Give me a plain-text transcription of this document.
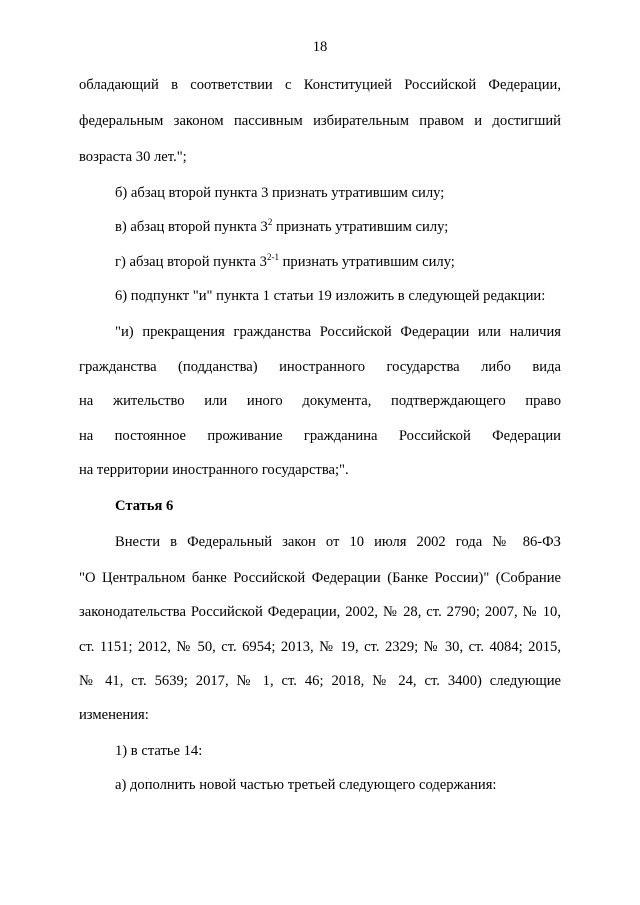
18
обладающий в соответствии с Конституцией Российской Федерации,
федеральным законом пассивным избирательным правом и достигший
возраста 30 лет.";
б) абзац второй пункта 3 признать утратившим силу;
в) абзац второй пункта $3^2$ признать утратившим силу;
г) абзац второй пункта 3$^{2-1}$ признать утратившим силу;
6) подпункт "и" пункта 1 статьи 19 изложить в следующей редакции:
"и) прекращения гражданства Российской Федерации или наличия
гражданства (подданства) иностранного государства либо вида
на жительство или иного документа, подтверждающего право
на постоянное проживание гражданина Российской Федерации
на территории иностранного государства;".
Статья 6
Внести в Федеральный закон от 10 июля 2002 года № 86-ФЗ
"О Центральном банке Российской Федерации (Банке России)" (Собрание
законодательства Российской Федерации, 2002, № 28, ст. 2790; 2007, № 10,
ст. 1151; 2012, № 50, ст. 6954; 2013, № 19, ст. 2329; № 30, ст. 4084; 2015,
№ 41, ст. 5639; 2017, № 1, ст. 46; 2018, № 24, ст. 3400) следующие
изменения:
1) в статье 14:
а) дополнить новой частью третьей следующего содержания:
